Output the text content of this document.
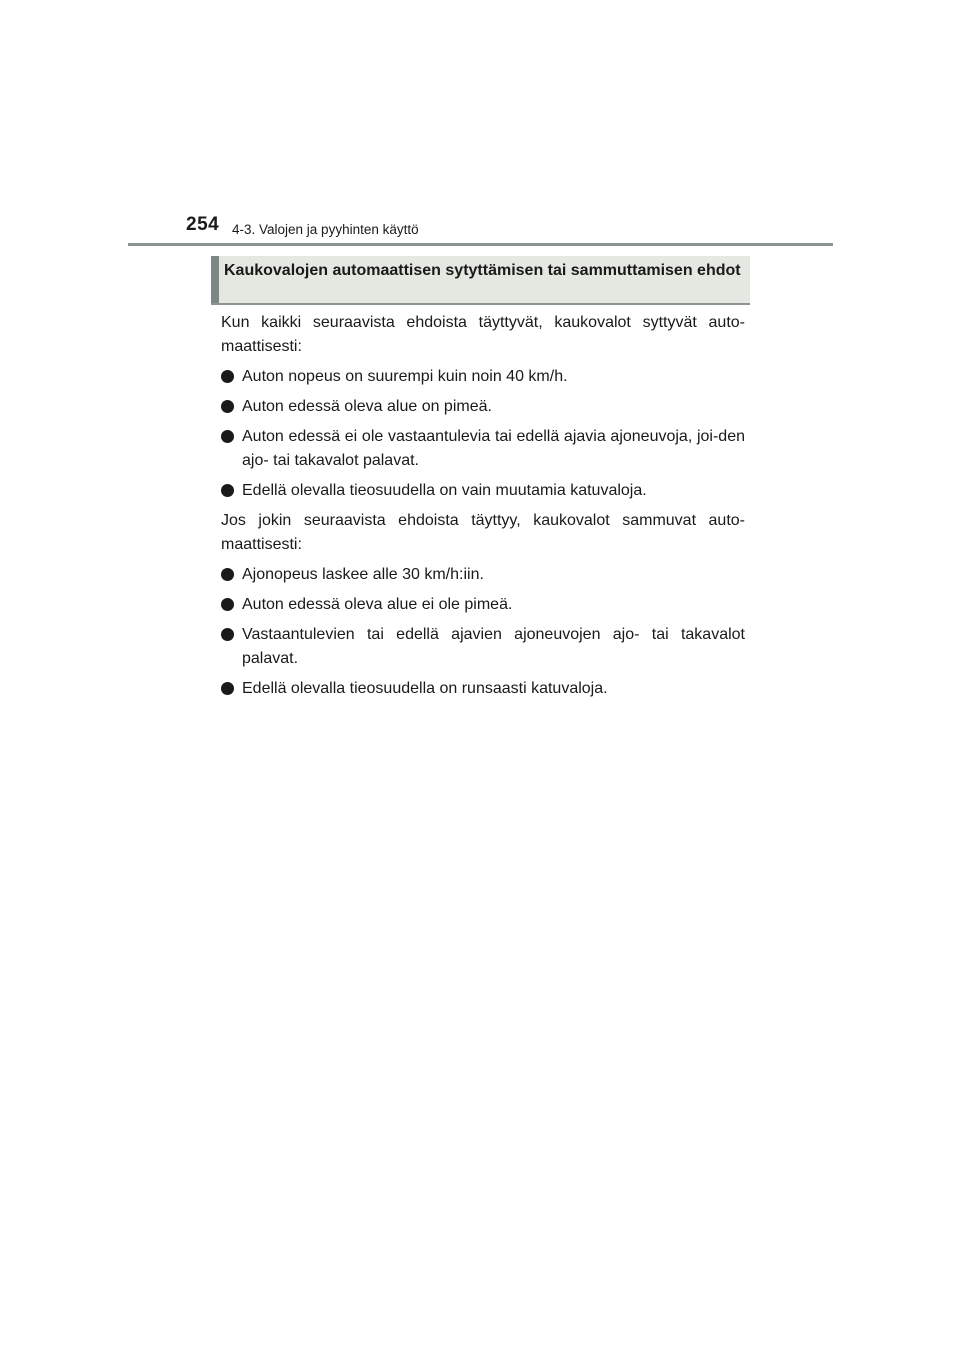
254 4-3. Valojen ja pyyhinten käyttö
Kaukovalojen automaattisen sytyttämisen tai sammuttamisen ehdot

Kun kaikki seuraavista ehdoista täyttyvät, kaukovalot syttyvät auto-maattisesti:

Auton nopeus on suurempi kuin noin 40 km/h.
Auton edessä oleva alue on pimeä.
Auton edessä ei ole vastaantulevia tai edellä ajavia ajoneuvoja, joi-den ajo- tai takavalot palavat.
Edellä olevalla tieosuudella on vain muutamia katuvaloja.

Jos jokin seuraavista ehdoista täyttyy, kaukovalot sammuvat auto-maattisesti:

Ajonopeus laskee alle 30 km/h:iin.
Auton edessä oleva alue ei ole pimeä.
Vastaantulevien tai edellä ajavien ajoneuvojen ajo- tai takavalot palavat.
Edellä olevalla tieosuudella on runsaasti katuvaloja.
